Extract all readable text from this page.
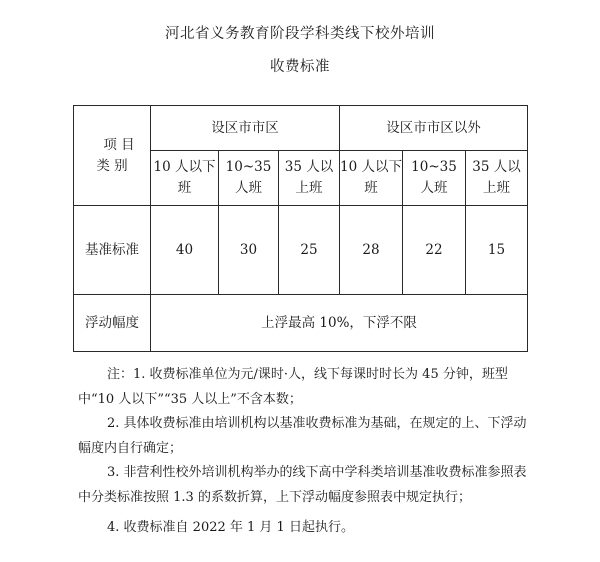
河北省义务教育阶段学科类线下校外培训
收费标准
项 目
类 别	设区市市区			设区市市区以外		
	10 人以下班	10~35 人班	35 人以上班	10 人以下班	10~35 人班	35 人以上班
基准标准	40	30	25	28	22	15
浮动幅度	上浮最高 10%，下浮不限					

注：1. 收费标准单位为元/课时·人，线下每课时时长为 45 分钟，班型中“10 人以下”“35 人以上”不含本数；

2. 具体收费标准由培训机构以基准收费标准为基础，在规定的上、下浮动幅度内自行确定；

3. 非营利性校外培训机构举办的线下高中学科类培训基准收费标准参照表中分类标准按照 1.3 的系数折算，上下浮动幅度参照表中规定执行；

4. 收费标准自 2022 年 1 月 1 日起执行。
